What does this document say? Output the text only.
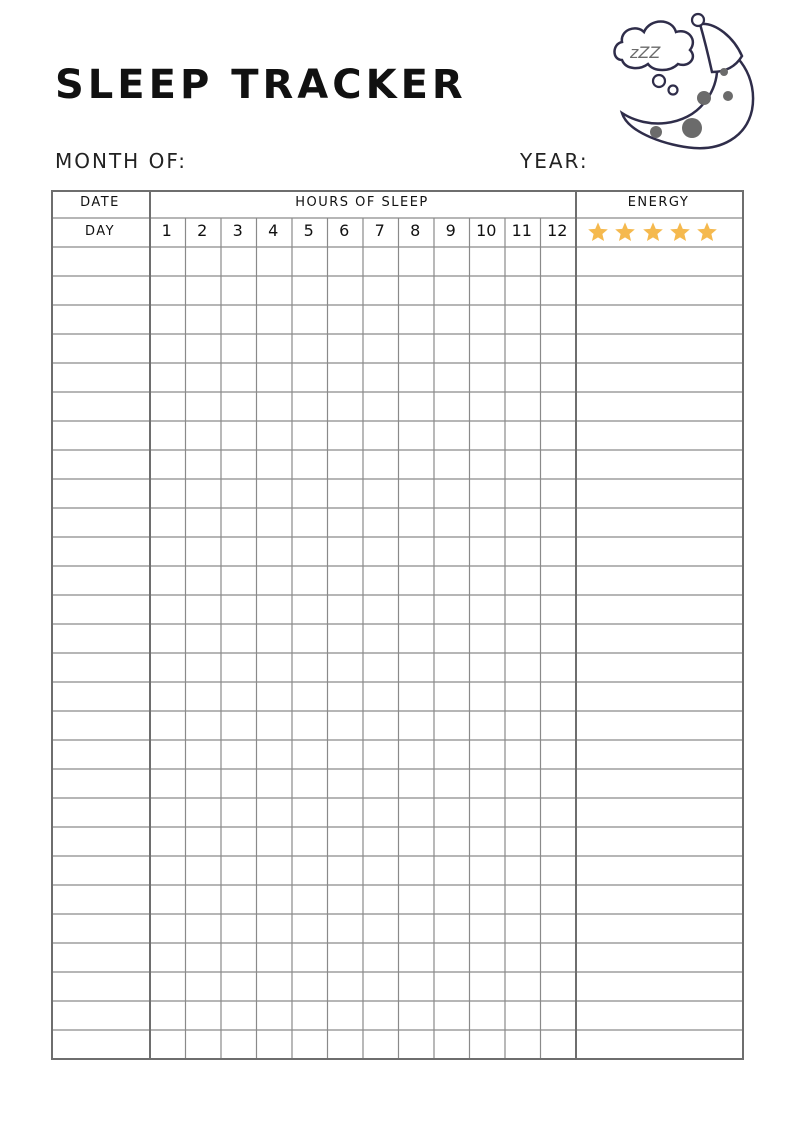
SLEEP TRACKER
zZZ
MONTH OF:	YEAR:
DATE	HOURS OF SLEEP	ENERGY
DAY	1	2	3	4	5	6	7	8	9	10 11 12
